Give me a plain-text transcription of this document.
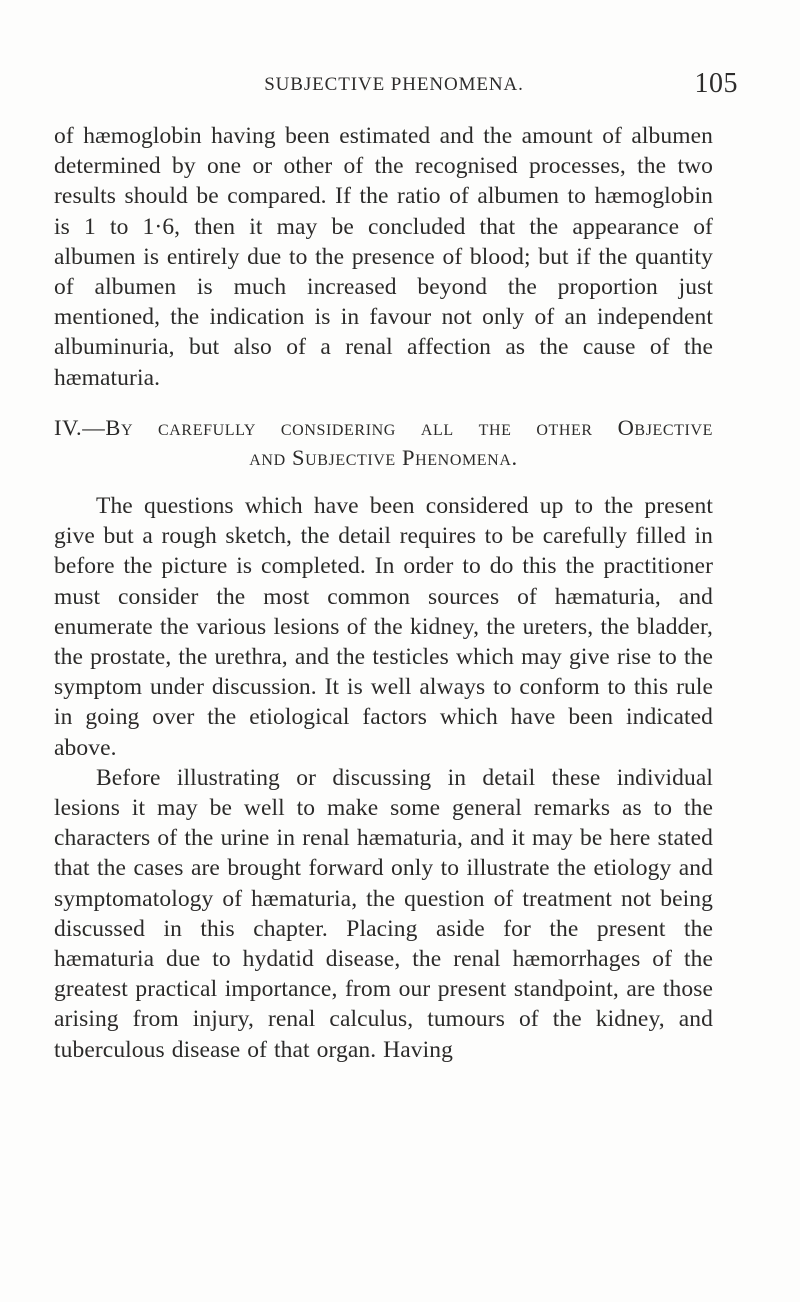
SUBJECTIVE PHENOMENA.	105

of hæmoglobin having been estimated and the amount of albumen determined by one or other of the recognised processes, the two results should be compared. If the ratio of albumen to hæmoglobin is 1 to 1·6, then it may be concluded that the appearance of albumen is entirely due to the presence of blood; but if the quantity of albumen is much increased beyond the proportion just mentioned, the indication is in favour not only of an independent albuminuria, but also of a renal affection as the cause of the hæmaturia.

IV.—By carefully considering all the other Objective
and Subjective Phenomena.

The questions which have been considered up to the present give but a rough sketch, the detail requires to be carefully filled in before the picture is completed. In order to do this the practitioner must consider the most common sources of hæmaturia, and enumerate the various lesions of the kidney, the ureters, the bladder, the prostate, the urethra, and the testicles which may give rise to the symptom under discussion. It is well always to conform to this rule in going over the etiological factors which have been indicated above.

Before illustrating or discussing in detail these individual lesions it may be well to make some general remarks as to the characters of the urine in renal hæmaturia, and it may be here stated that the cases are brought forward only to illustrate the etiology and symptomatology of hæmaturia, the question of treatment not being discussed in this chapter. Placing aside for the present the hæmaturia due to hydatid disease, the renal hæmorrhages of the greatest practical importance, from our present standpoint, are those arising from injury, renal calculus, tumours of the kidney, and tuberculous disease of that organ. Having
